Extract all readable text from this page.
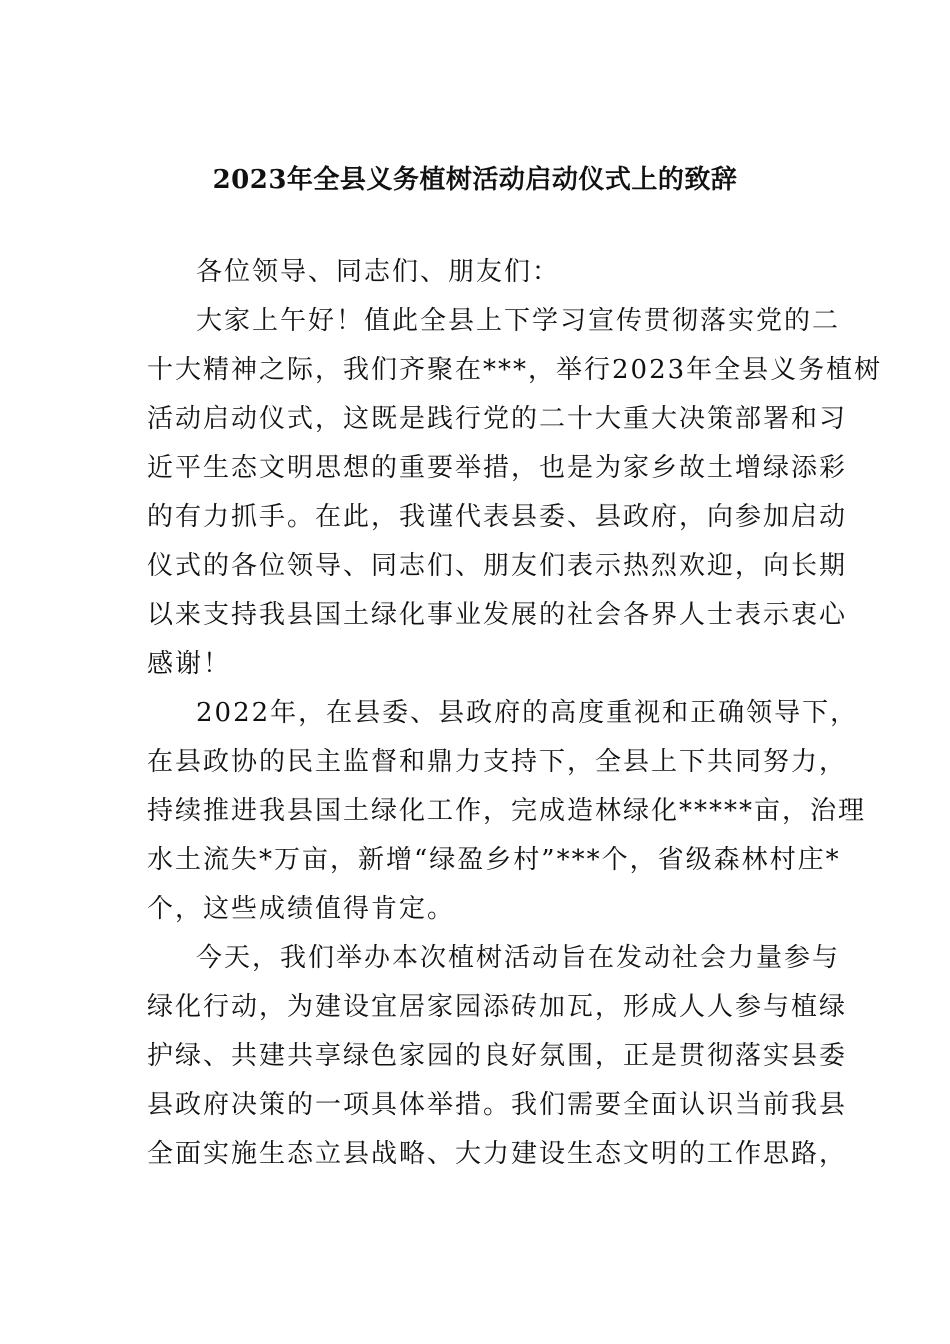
2023年全县义务植树活动启动仪式上的致辞
各位领导、同志们、朋友们：
大家上午好！值此全县上下学习宣传贯彻落实党的二
十大精神之际，我们齐聚在***，举行2023年全县义务植树
活动启动仪式，这既是践行党的二十大重大决策部署和习
近平生态文明思想的重要举措，也是为家乡故土增绿添彩
的有力抓手。在此，我谨代表县委、县政府，向参加启动
仪式的各位领导、同志们、朋友们表示热烈欢迎，向长期
以来支持我县国土绿化事业发展的社会各界人士表示衷心
感谢！
2022年，在县委、县政府的高度重视和正确领导下，
在县政协的民主监督和鼎力支持下，全县上下共同努力，
持续推进我县国土绿化工作，完成造林绿化*****亩，治理
水土流失*万亩，新增“绿盈乡村”***个，省级森林村庄*
个，这些成绩值得肯定。
今天，我们举办本次植树活动旨在发动社会力量参与
绿化行动，为建设宜居家园添砖加瓦，形成人人参与植绿
护绿、共建共享绿色家园的良好氛围，正是贯彻落实县委
县政府决策的一项具体举措。我们需要全面认识当前我县
全面实施生态立县战略、大力建设生态文明的工作思路，
